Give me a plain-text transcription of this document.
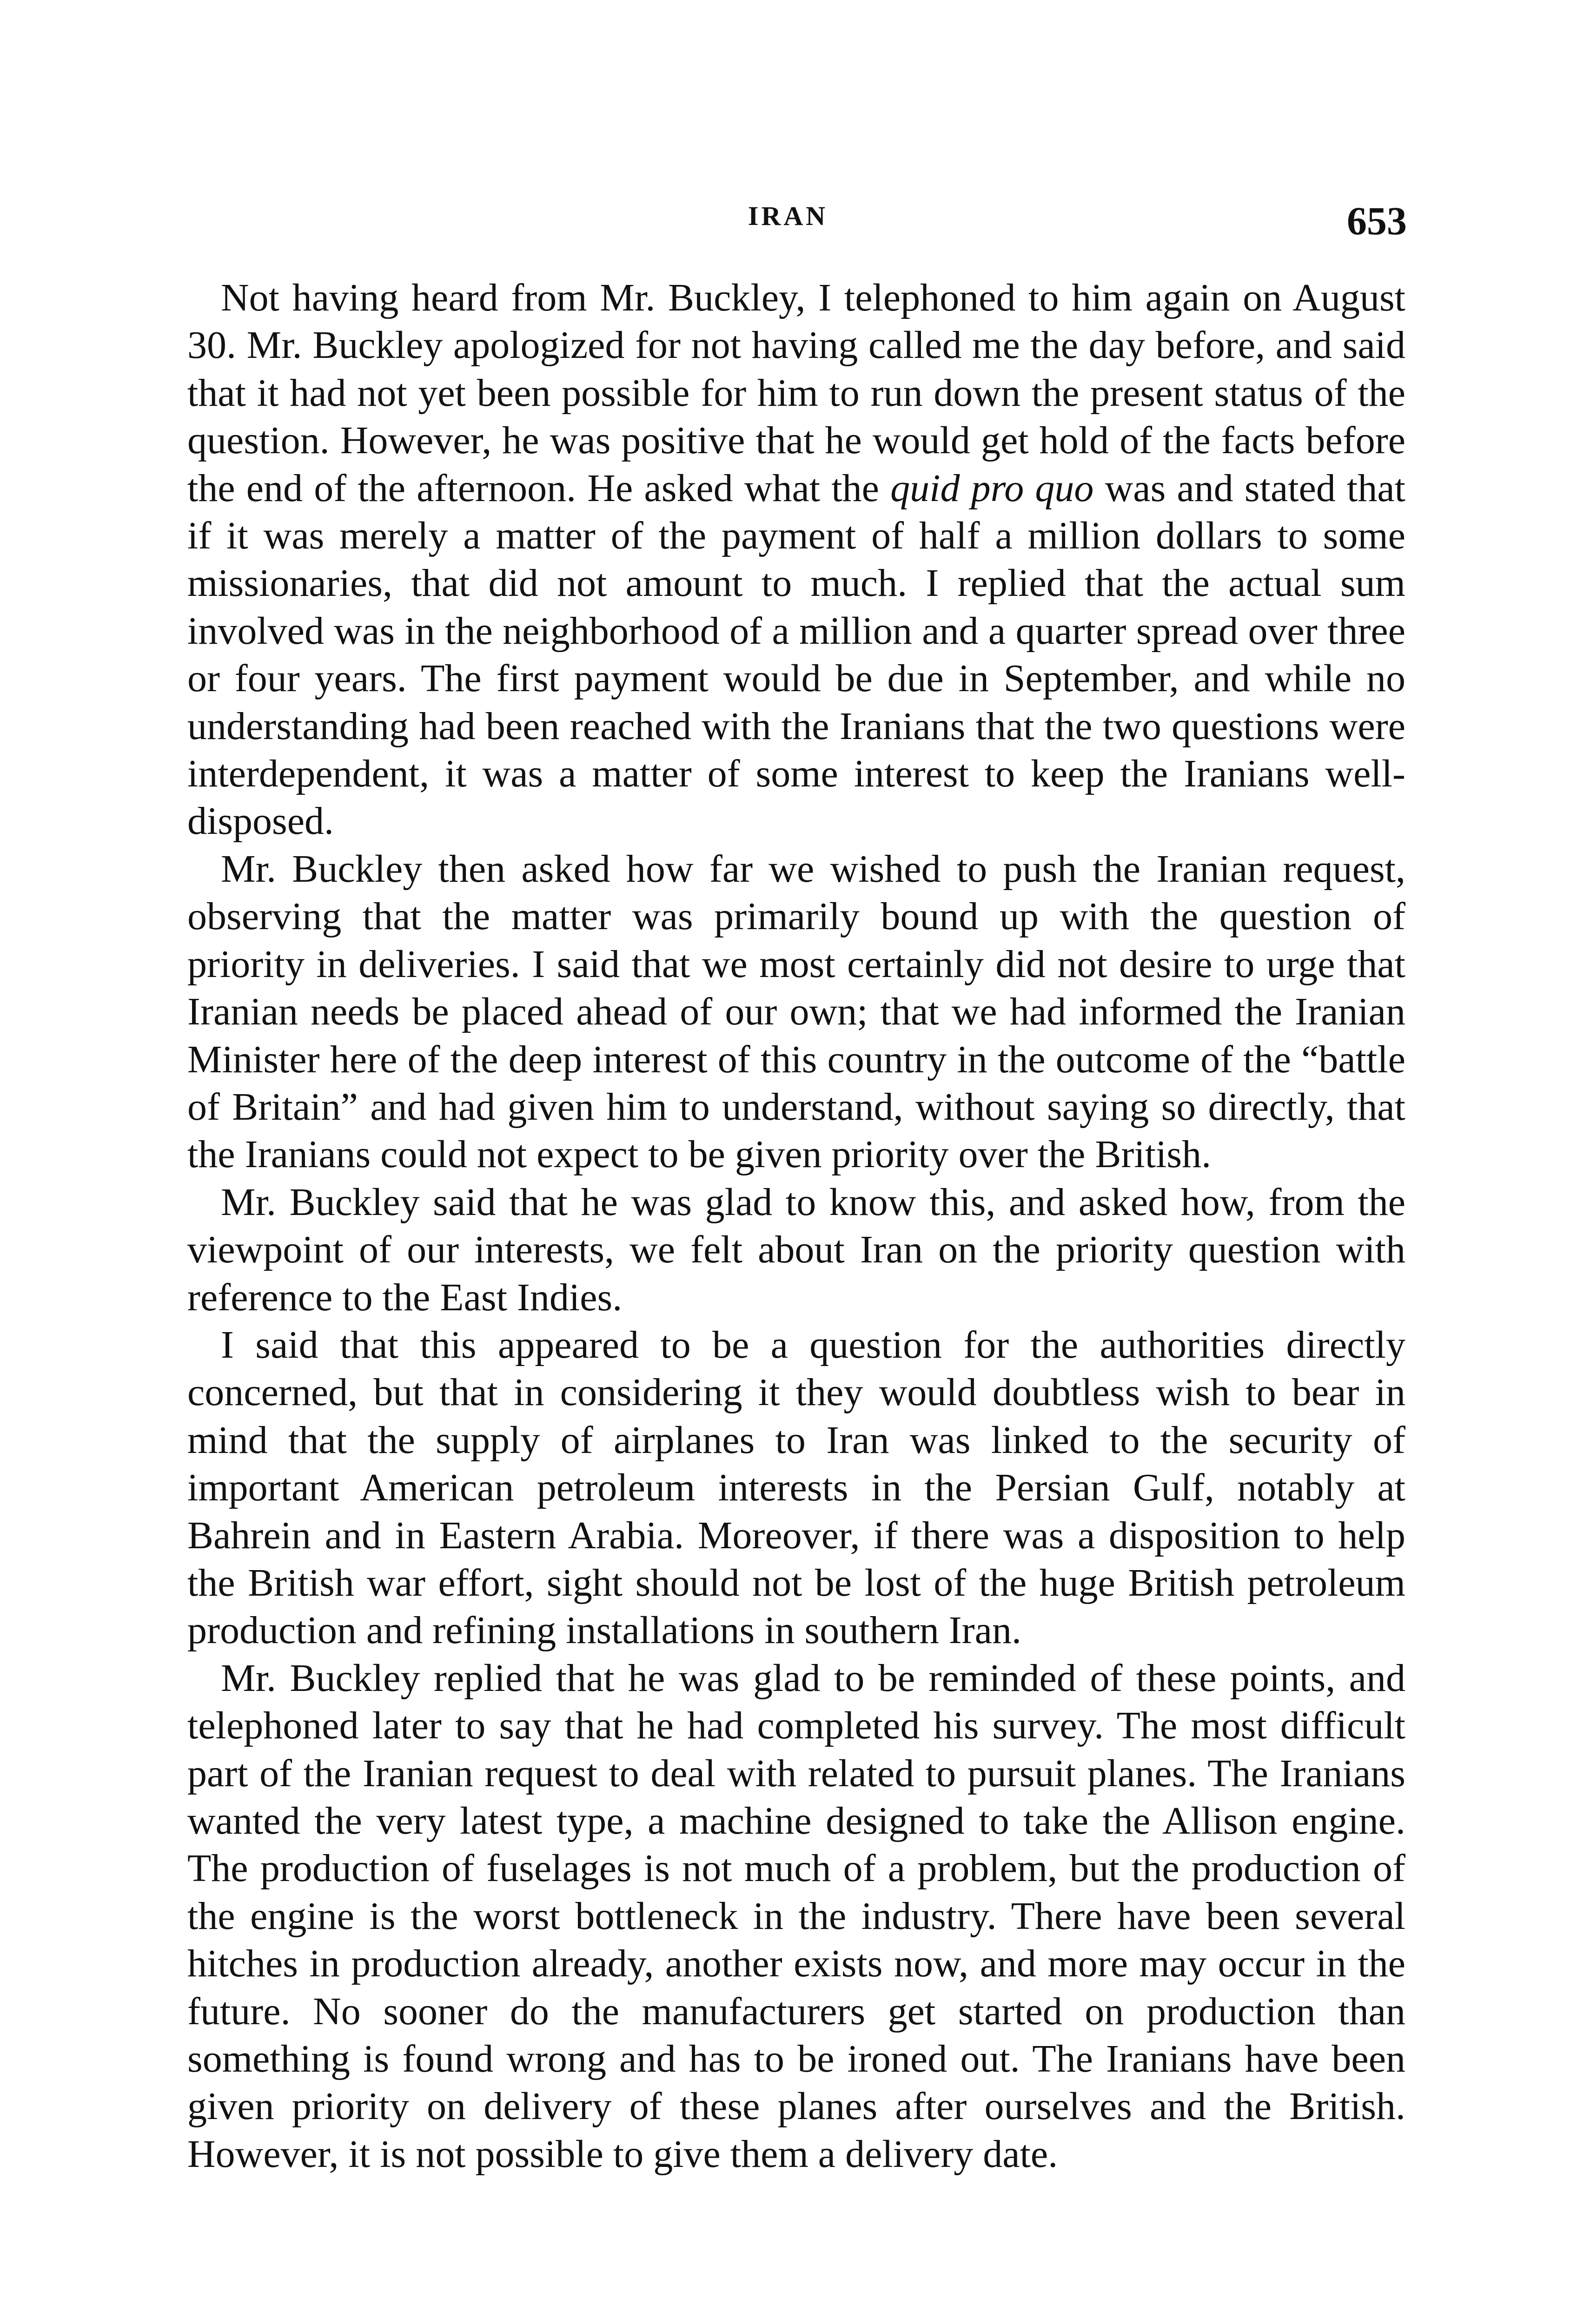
IRAN	653

Not having heard from Mr. Buckley, I telephoned to him again on August 30. Mr. Buckley apologized for not having called me the day before, and said that it had not yet been possible for him to run down the present status of the question. However, he was positive that he would get hold of the facts before the end of the afternoon. He asked what the quid pro quo was and stated that if it was merely a matter of the payment of half a million dollars to some missionaries, that did not amount to much. I replied that the actual sum involved was in the neighborhood of a million and a quarter spread over three or four years. The first payment would be due in September, and while no understanding had been reached with the Iranians that the two questions were interdependent, it was a matter of some interest to keep the Iranians well-disposed.

Mr. Buckley then asked how far we wished to push the Iranian request, observing that the matter was primarily bound up with the question of priority in deliveries. I said that we most certainly did not desire to urge that Iranian needs be placed ahead of our own; that we had informed the Iranian Minister here of the deep interest of this country in the outcome of the “battle of Britain” and had given him to understand, without saying so directly, that the Iranians could not expect to be given priority over the British.

Mr. Buckley said that he was glad to know this, and asked how, from the viewpoint of our interests, we felt about Iran on the priority question with reference to the East Indies.

I said that this appeared to be a question for the authorities directly concerned, but that in considering it they would doubtless wish to bear in mind that the supply of airplanes to Iran was linked to the security of important American petroleum interests in the Persian Gulf, notably at Bahrein and in Eastern Arabia. Moreover, if there was a disposition to help the British war effort, sight should not be lost of the huge British petroleum production and refining installations in southern Iran.

Mr. Buckley replied that he was glad to be reminded of these points, and telephoned later to say that he had completed his survey. The most difficult part of the Iranian request to deal with related to pursuit planes. The Iranians wanted the very latest type, a machine designed to take the Allison engine. The production of fuselages is not much of a problem, but the production of the engine is the worst bottleneck in the industry. There have been several hitches in production already, another exists now, and more may occur in the future. No sooner do the manufacturers get started on production than something is found wrong and has to be ironed out. The Iranians have been given priority on delivery of these planes after ourselves and the British. However, it is not possible to give them a delivery date.
